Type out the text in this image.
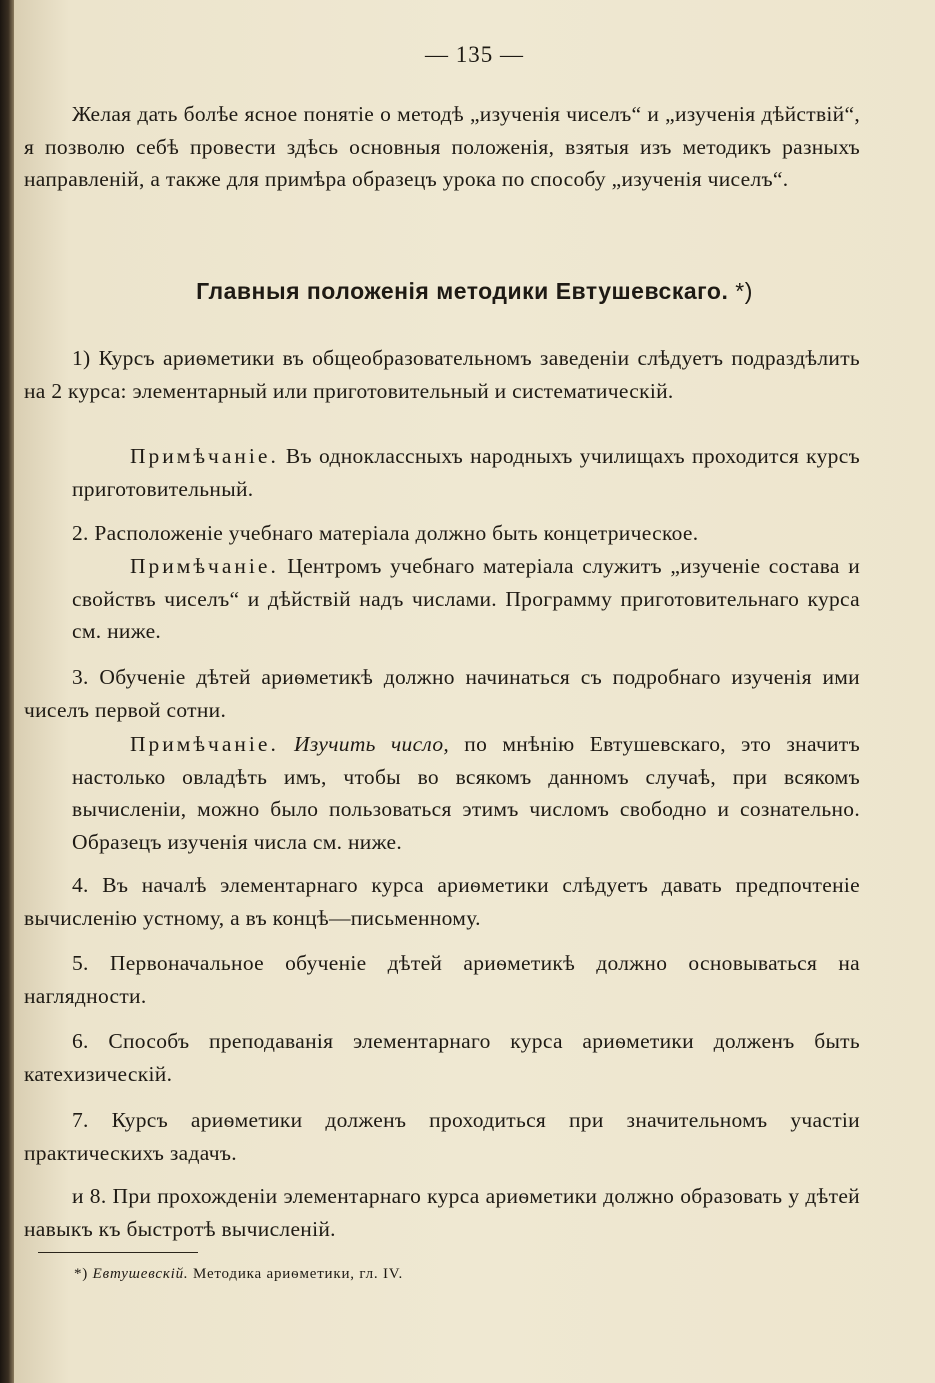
— 135 —

Желая дать болѣе ясное понятіе о методѣ „изученія чиселъ“ и „изученія дѣйствій“, я позволю себѣ провести здѣсь основныя положенія, взятыя изъ методикъ разныхъ направленій, а также для примѣра образецъ урока по способу „изученія чиселъ“.

Главныя положенія методики Евтушевскаго. *)

1) Курсъ ариѳметики въ общеобразовательномъ заведеніи слѣдуетъ подраздѣлить на 2 курса: элементарный или приготовительный и систематическій.

Примѣчаніе. Въ одноклассныхъ народныхъ училищахъ проходится курсъ приготовительный.

2. Расположеніе учебнаго матеріала должно быть концетрическое.

Примѣчаніе. Центромъ учебнаго матеріала служитъ „изученіе состава и свойствъ чиселъ“ и дѣйствій надъ числами. Программу приготовительнаго курса см. ниже.

3. Обученіе дѣтей ариѳметикѣ должно начинаться съ подробнаго изученія ими чиселъ первой сотни.

Примѣчаніе. Изучить число, по мнѣнію Евтушевскаго, это значитъ настолько овладѣть имъ, чтобы во всякомъ данномъ случаѣ, при всякомъ вычисленіи, можно было пользоваться этимъ числомъ свободно и сознательно. Образецъ изученія числа см. ниже.

4. Въ началѣ элементарнаго курса ариѳметики слѣдуетъ давать предпочтеніе вычисленію устному, а въ концѣ—письменному.

5. Первоначальное обученіе дѣтей ариѳметикѣ должно основываться на наглядности.

6. Способъ преподаванія элементарнаго курса ариѳметики долженъ быть катехизическій.

7. Курсъ ариѳметики долженъ проходиться при значительномъ участіи практическихъ задачъ.

и 8. При прохожденіи элементарнаго курса ариѳметики должно образовать у дѣтей навыкъ къ быстротѣ вычисленій.

*) Евтушевскій. Методика ариѳметики, гл. IV.
